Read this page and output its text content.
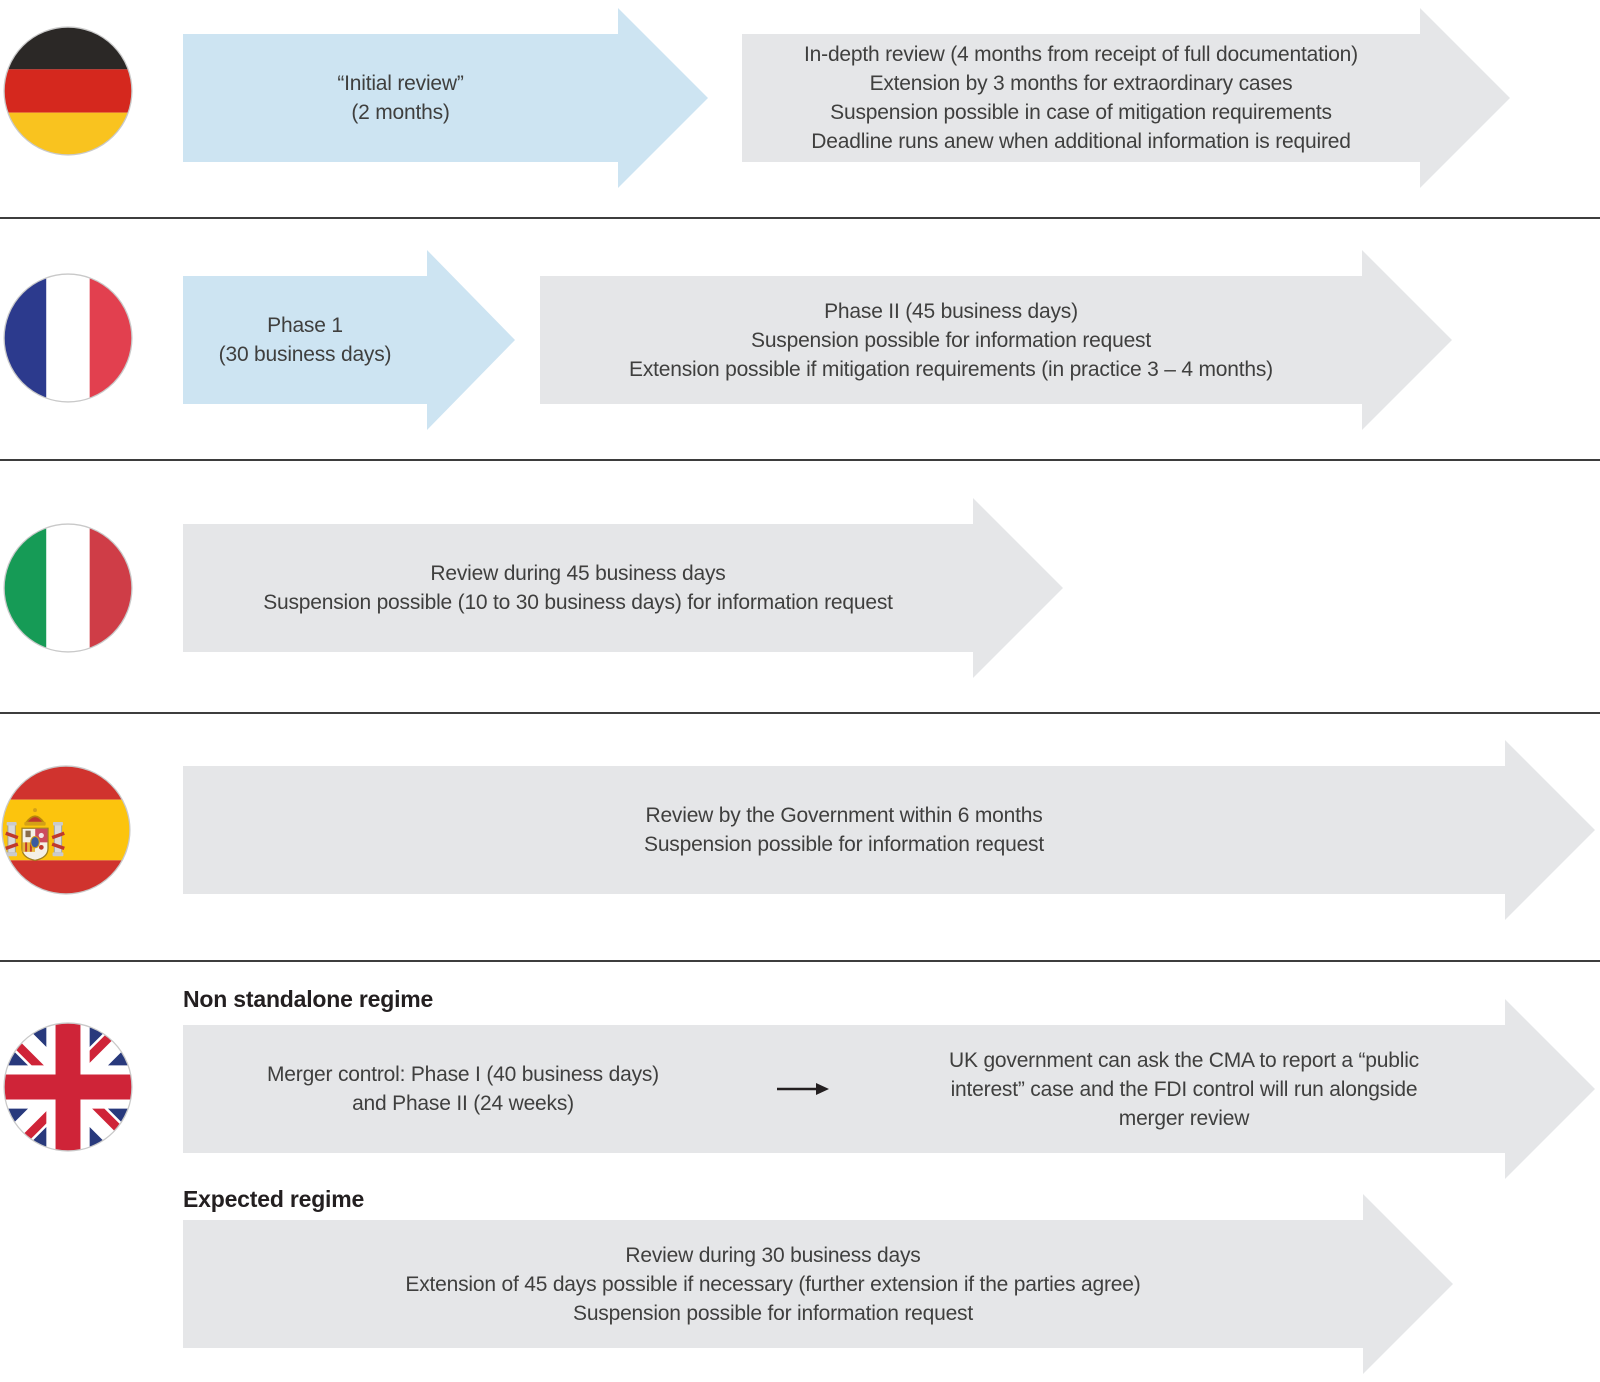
“Initial review”
(2 months)
In-depth review (4 months from receipt of full documentation)
Extension by 3 months for extraordinary cases
Suspension possible in case of mitigation requirements
Deadline runs anew when additional information is required
Phase 1
(30 business days)
Phase II (45 business days)
Suspension possible for information request
Extension possible if mitigation requirements (in practice 3 – 4 months)
Review during 45 business days
Suspension possible (10 to 30 business days) for information request
Review by the Government within 6 months
Suspension possible for information request
Non standalone regime
Merger control: Phase I (40 business days)
and Phase II (24 weeks)
UK government can ask the CMA to report a “public
interest” case and the FDI control will run alongside
merger review
Expected regime
Review during 30 business days
Extension of 45 days possible if necessary (further extension if the parties agree)
Suspension possible for information request
